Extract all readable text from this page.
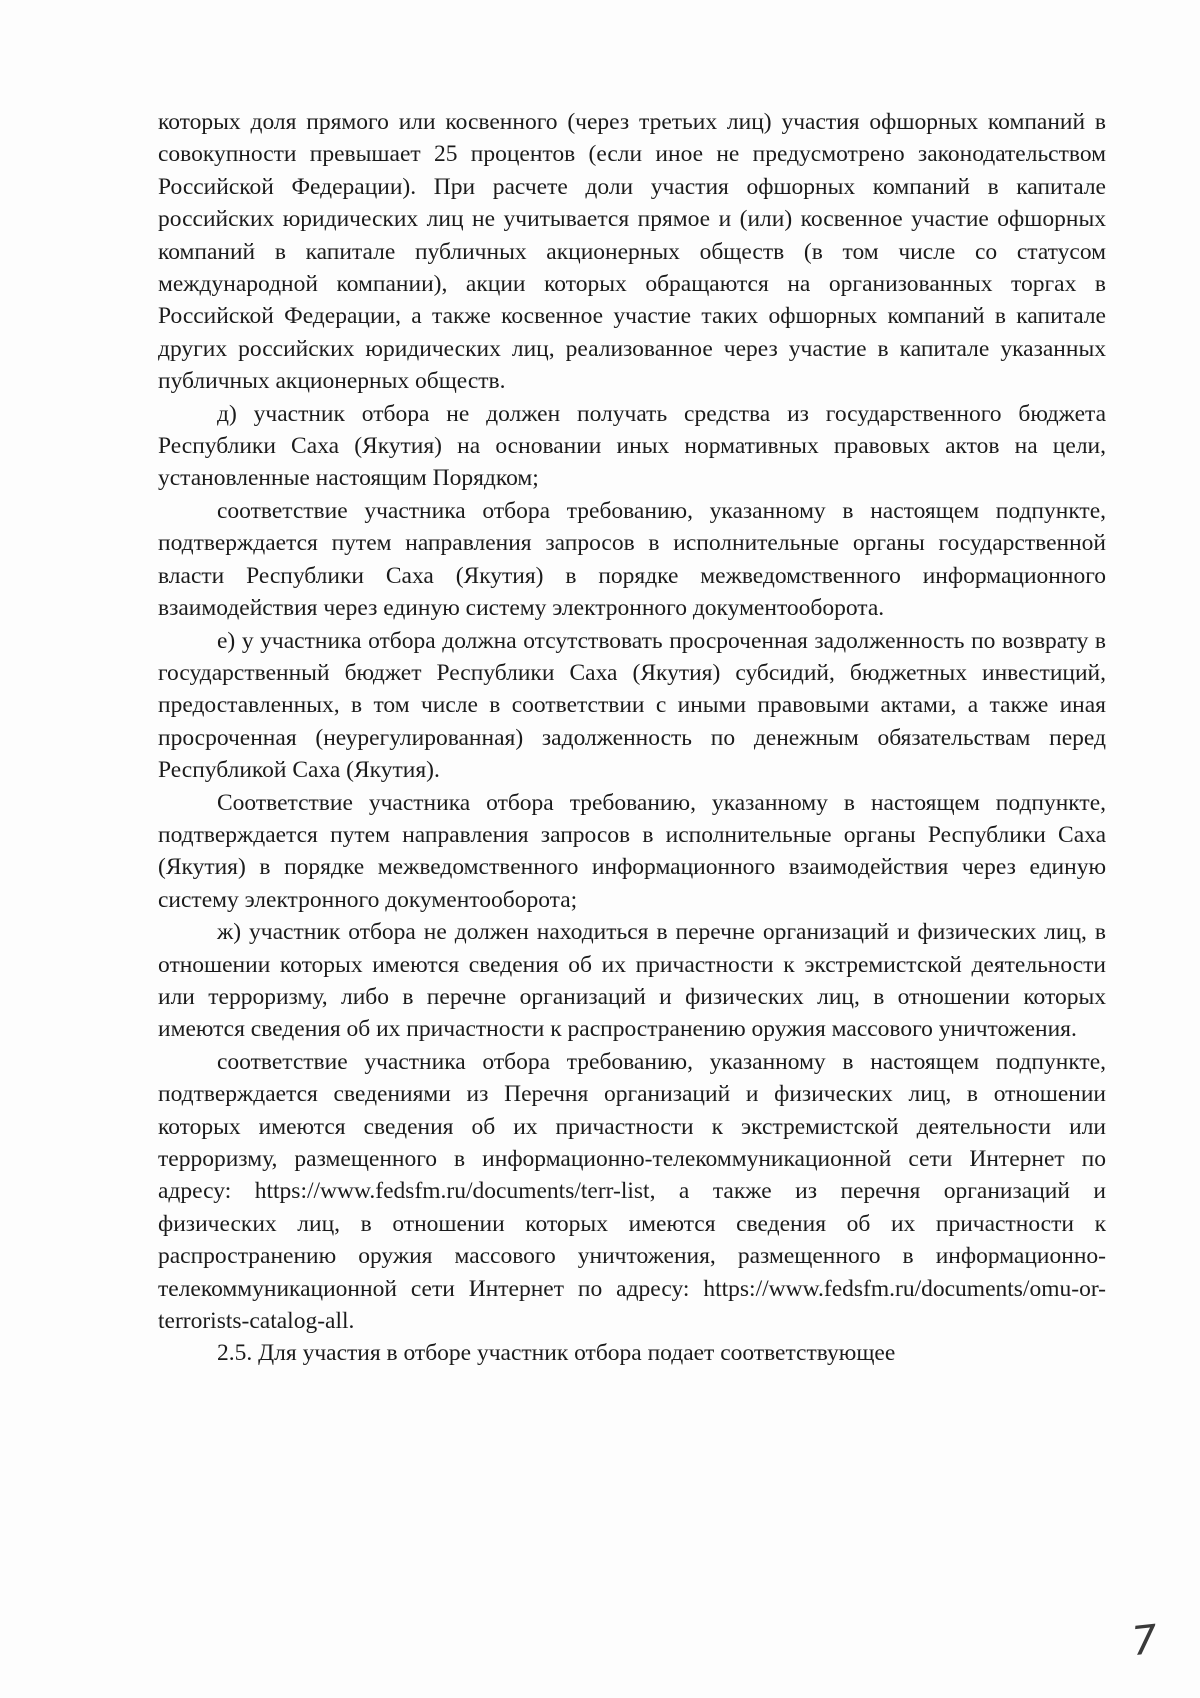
которых доля прямого или косвенного (через третьих лиц) участия офшорных компаний в совокупности превышает 25 процентов (если иное не предусмотрено законодательством Российской Федерации). При расчете доли участия офшорных компаний в капитале российских юридических лиц не учитывается прямое и (или) косвенное участие офшорных компаний в капитале публичных акционерных обществ (в том числе со статусом международной компании), акции которых обращаются на организованных торгах в Российской Федерации, а также косвенное участие таких офшорных компаний в капитале других российских юридических лиц, реализованное через участие в капитале указанных публичных акционерных обществ.

д) участник отбора не должен получать средства из государственного бюджета Республики Саха (Якутия) на основании иных нормативных правовых актов на цели, установленные настоящим Порядком;

соответствие участника отбора требованию, указанному в настоящем подпункте, подтверждается путем направления запросов в исполнительные органы государственной власти Республики Саха (Якутия) в порядке межведомственного информационного взаимодействия через единую систему электронного документооборота.

е) у участника отбора должна отсутствовать просроченная задолженность по возврату в государственный бюджет Республики Саха (Якутия) субсидий, бюджетных инвестиций, предоставленных, в том числе в соответствии с иными правовыми актами, а также иная просроченная (неурегулированная) задолженность по денежным обязательствам перед Республикой Саха (Якутия).

Соответствие участника отбора требованию, указанному в настоящем подпункте, подтверждается путем направления запросов в исполнительные органы Республики Саха (Якутия) в порядке межведомственного информационного взаимодействия через единую систему электронного документооборота;

ж) участник отбора не должен находиться в перечне организаций и физических лиц, в отношении которых имеются сведения об их причастности к экстремистской деятельности или терроризму, либо в перечне организаций и физических лиц, в отношении которых имеются сведения об их причастности к распространению оружия массового уничтожения.

соответствие участника отбора требованию, указанному в настоящем подпункте, подтверждается сведениями из Перечня организаций и физических лиц, в отношении которых имеются сведения об их причастности к экстремистской деятельности или терроризму, размещенного в информационно-телекоммуникационной сети Интернет по адресу: https://www.fedsfm.ru/documents/terr-list, а также из перечня организаций и физических лиц, в отношении которых имеются сведения об их причастности к распространению оружия массового уничтожения, размещенного в информационно-телекоммуникационной сети Интернет по адресу: https://www.fedsfm.ru/documents/omu-or-terrorists-catalog-all.

2.5. Для участия в отборе участник отбора подает соответствующее

7
